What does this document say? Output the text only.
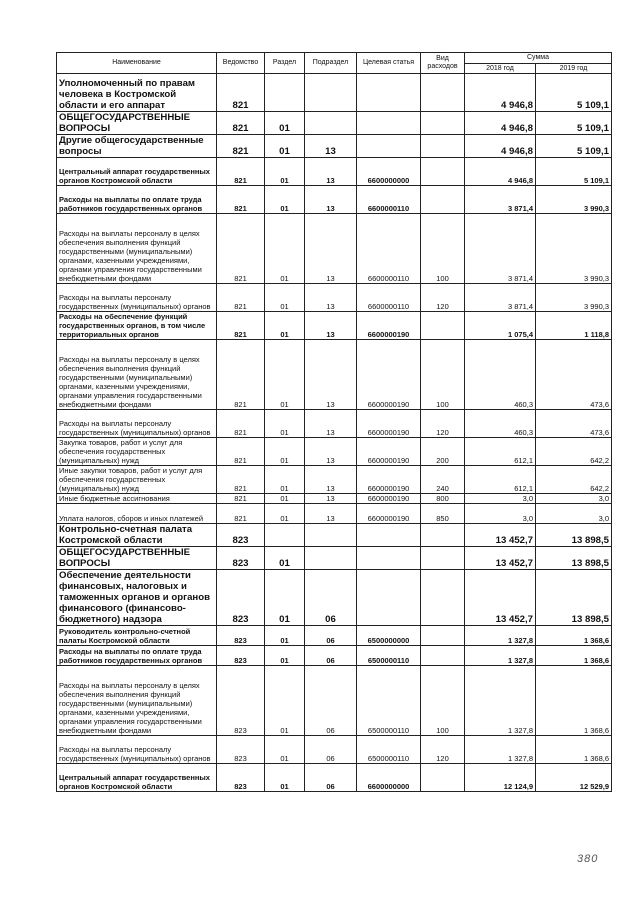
Наименование	Ведомство	Раздел	Подраздел	Целевая статья	Вид расходов	Сумма	
						2018 год	2019 год
Уполномоченный по правам человека в Костромской области и его аппарат	821					4 946,8	5 109,1
ОБЩЕГОСУДАРСТВЕННЫЕ ВОПРОСЫ	821	01				4 946,8	5 109,1
Другие общегосударственные вопросы	821	01	13			4 946,8	5 109,1
Центральный аппарат государственных органов Костромской области	821	01	13	6600000000		4 946,8	5 109,1
Расходы на выплаты по оплате труда работников государственных органов	821	01	13	6600000110		3 871,4	3 990,3
Расходы на выплаты персоналу в целях обеспечения выполнения функций государственными (муниципальными) органами, казенными учреждениями, органами управления государственными внебюджетными фондами	821	01	13	6600000110	100	3 871,4	3 990,3
Расходы на выплаты персоналу государственных (муниципальных) органов	821	01	13	6600000110	120	3 871,4	3 990,3
Расходы на обеспечение функций государственных органов, в том числе территориальных органов	821	01	13	6600000190		1 075,4	1 118,8
Расходы на выплаты персоналу в целях обеспечения выполнения функций государственными (муниципальными) органами, казенными учреждениями, органами управления государственными внебюджетными фондами	821	01	13	6600000190	100	460,3	473,6
Расходы на выплаты персоналу государственных (муниципальных) органов	821	01	13	6600000190	120	460,3	473,6
Закупка товаров, работ и услуг для обеспечения государственных (муниципальных) нужд	821	01	13	6600000190	200	612,1	642,2
Иные закупки товаров, работ и услуг для обеспечения государственных (муниципальных) нужд	821	01	13	6600000190	240	612,1	642,2
Иные бюджетные ассигнования	821	01	13	6600000190	800	3,0	3,0
Уплата налогов, сборов и иных платежей	821	01	13	6600000190	850	3,0	3,0
Контрольно-счетная палата Костромской области	823					13 452,7	13 898,5
ОБЩЕГОСУДАРСТВЕННЫЕ ВОПРОСЫ	823	01				13 452,7	13 898,5
Обеспечение деятельности финансовых, налоговых и таможенных органов и органов финансового (финансово-бюджетного) надзора	823	01	06			13 452,7	13 898,5
Руководитель контрольно-счетной палаты Костромской области	823	01	06	6500000000		1 327,8	1 368,6
Расходы на выплаты по оплате труда работников государственных органов	823	01	06	6500000110		1 327,8	1 368,6
Расходы на выплаты персоналу в целях обеспечения выполнения функций государственными (муниципальными) органами, казенными учреждениями, органами управления государственными внебюджетными фондами	823	01	06	6500000110	100	1 327,8	1 368,6
Расходы на выплаты персоналу государственных (муниципальных) органов	823	01	06	6500000110	120	1 327,8	1 368,6
Центральный аппарат государственных органов Костромской области	823	01	06	6600000000		12 124,9	12 529,9
380
